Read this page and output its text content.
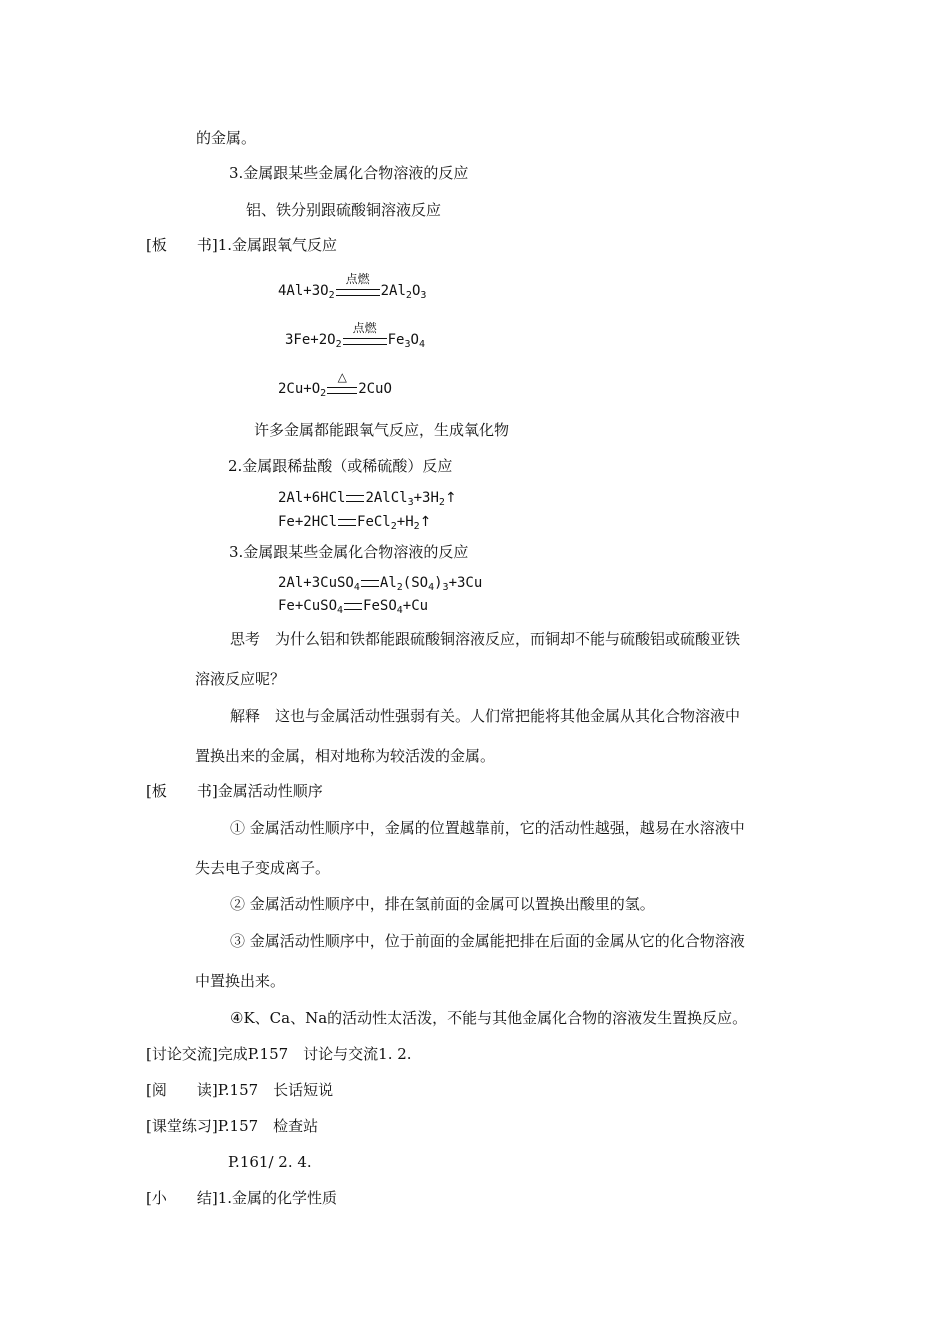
的金属。
3.金属跟某些金属化合物溶液的反应
铝、铁分别跟硫酸铜溶液反应
[板　　书]1.金属跟氧气反应
$4Al+3O_2$
点燃
$2Al_2O_3$
$3Fe+2O_2$
点燃
$Fe_3O_4$
$2Cu+O_2$
△
2CuO
许多金属都能跟氧气反应，生成氧化物
2.金属跟稀盐酸（或稀硫酸）反应
2Al+6HCl $2AlCl_3+3H_2↑$
Fe+2HCl $FeCl_2+H_2↑$
3.金属跟某些金属化合物溶液的反应
2Al+3CuSO$_4$ $Al_2(SO_4)_3+3Cu$
Fe+CuSO$_4$ FeSO$_4$+Cu
思考　为什么铝和铁都能跟硫酸铜溶液反应，而铜却不能与硫酸铝或硫酸亚铁
溶液反应呢？
解释　这也与金属活动性强弱有关。人们常把能将其他金属从其化合物溶液中
置换出来的金属，相对地称为较活泼的金属。
[板　　书]金属活动性顺序
① 金属活动性顺序中，金属的位置越靠前，它的活动性越强，越易在水溶液中
失去电子变成离子。
② 金属活动性顺序中，排在氢前面的金属可以置换出酸里的氢。
③ 金属活动性顺序中，位于前面的金属能把排在后面的金属从它的化合物溶液
中置换出来。
④K、Ca、Na的活动性太活泼，不能与其他金属化合物的溶液发生置换反应。
[讨论交流]完成P.157　讨论与交流1. 2.
[阅　　读]P.157　长话短说
[课堂练习]P.157　检查站
P.161/ 2. 4.
[小　　结]1.金属的化学性质
